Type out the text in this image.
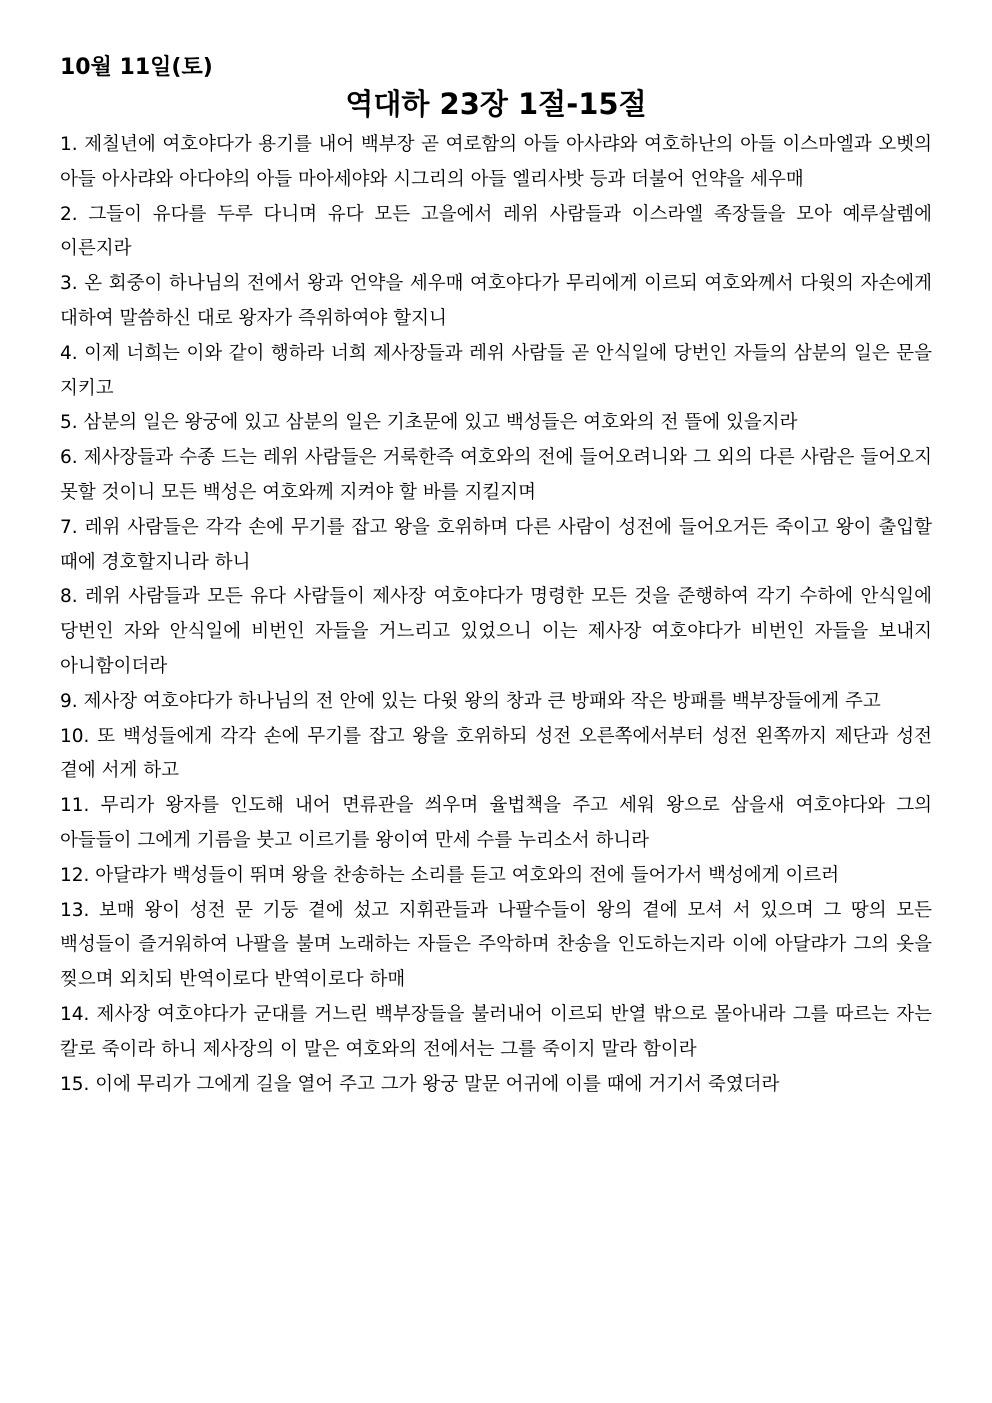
10월 11일(토)
역대하 23장 1절-15절

1. 제칠년에 여호야다가 용기를 내어 백부장 곧 여로함의 아들 아사랴와 여호하난의 아들 이스마엘과 오벳의 아들 아사랴와 아다야의 아들 마아세야와 시그리의 아들 엘리사밧 등과 더불어 언약을 세우매

2. 그들이 유다를 두루 다니며 유다 모든 고을에서 레위 사람들과 이스라엘 족장들을 모아 예루살렘에 이른지라

3. 온 회중이 하나님의 전에서 왕과 언약을 세우매 여호야다가 무리에게 이르되 여호와께서 다윗의 자손에게 대하여 말씀하신 대로 왕자가 즉위하여야 할지니

4. 이제 너희는 이와 같이 행하라 너희 제사장들과 레위 사람들 곧 안식일에 당번인 자들의 삼분의 일은 문을 지키고

5. 삼분의 일은 왕궁에 있고 삼분의 일은 기초문에 있고 백성들은 여호와의 전 뜰에 있을지라

6. 제사장들과 수종 드는 레위 사람들은 거룩한즉 여호와의 전에 들어오려니와 그 외의 다른 사람은 들어오지 못할 것이니 모든 백성은 여호와께 지켜야 할 바를 지킬지며

7. 레위 사람들은 각각 손에 무기를 잡고 왕을 호위하며 다른 사람이 성전에 들어오거든 죽이고 왕이 출입할 때에 경호할지니라 하니

8. 레위 사람들과 모든 유다 사람들이 제사장 여호야다가 명령한 모든 것을 준행하여 각기 수하에 안식일에 당번인 자와 안식일에 비번인 자들을 거느리고 있었으니 이는 제사장 여호야다가 비번인 자들을 보내지 아니함이더라

9. 제사장 여호야다가 하나님의 전 안에 있는 다윗 왕의 창과 큰 방패와 작은 방패를 백부장들에게 주고

10. 또 백성들에게 각각 손에 무기를 잡고 왕을 호위하되 성전 오른쪽에서부터 성전 왼쪽까지 제단과 성전 곁에 서게 하고

11. 무리가 왕자를 인도해 내어 면류관을 씌우며 율법책을 주고 세워 왕으로 삼을새 여호야다와 그의 아들들이 그에게 기름을 붓고 이르기를 왕이여 만세 수를 누리소서 하니라

12. 아달랴가 백성들이 뛰며 왕을 찬송하는 소리를 듣고 여호와의 전에 들어가서 백성에게 이르러

13. 보매 왕이 성전 문 기둥 곁에 섰고 지휘관들과 나팔수들이 왕의 곁에 모셔 서 있으며 그 땅의 모든 백성들이 즐거워하여 나팔을 불며 노래하는 자들은 주악하며 찬송을 인도하는지라 이에 아달랴가 그의 옷을 찢으며 외치되 반역이로다 반역이로다 하매

14. 제사장 여호야다가 군대를 거느린 백부장들을 불러내어 이르되 반열 밖으로 몰아내라 그를 따르는 자는 칼로 죽이라 하니 제사장의 이 말은 여호와의 전에서는 그를 죽이지 말라 함이라

15. 이에 무리가 그에게 길을 열어 주고 그가 왕궁 말문 어귀에 이를 때에 거기서 죽였더라
